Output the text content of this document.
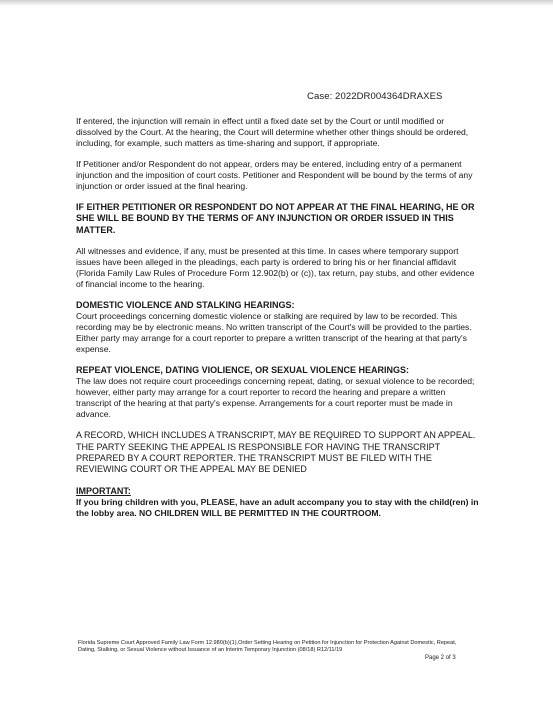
Case: 2022DR004364DRAXES

If entered, the injunction will remain in effect until a fixed date set by the Court or until modified or dissolved by the Court. At the hearing, the Court will determine whether other things should be ordered, including, for example, such matters as time-sharing and support, if appropriate.

If Petitioner and/or Respondent do not appear, orders may be entered, including entry of a permanent injunction and the imposition of court costs. Petitioner and Respondent will be bound by the terms of any injunction or order issued at the final hearing.

IF EITHER PETITIONER OR RESPONDENT DO NOT APPEAR AT THE FINAL HEARING, HE OR SHE WILL BE BOUND BY THE TERMS OF ANY INJUNCTION OR ORDER ISSUED IN THIS MATTER.

All witnesses and evidence, if any, must be presented at this time. In cases where temporary support issues have been alleged in the pleadings, each party is ordered to bring his or her financial affidavit (Florida Family Law Rules of Procedure Form 12.902(b) or (c)), tax return, pay stubs, and other evidence of financial income to the hearing.

DOMESTIC VIOLENCE AND STALKING HEARINGS:

Court proceedings concerning domestic violence or stalking are required by law to be recorded. This recording may be by electronic means. No written transcript of the Court's will be provided to the parties. Either party may arrange for a court reporter to prepare a written transcript of the hearing at that party's expense.

REPEAT VIOLENCE, DATING VIOLIENCE, OR SEXUAL VIOLENCE HEARINGS:

The law does not require court proceedings concerning repeat, dating, or sexual violence to be recorded; however, either party may arrange for a court reporter to record the hearing and prepare a written transcript of the hearing at that party's expense. Arrangements for a court reporter must be made in advance.

A RECORD, WHICH INCLUDES A TRANSCRIPT, MAY BE REQUIRED TO SUPPORT AN APPEAL. THE PARTY SEEKING THE APPEAL IS RESPONSIBLE FOR HAVING THE TRANSCRIPT PREPARED BY A COURT REPORTER. THE TRANSCRIPT MUST BE FILED WITH THE REVIEWING COURT OR THE APPEAL MAY BE DENIED

IMPORTANT:

If you bring children with you, PLEASE, have an adult accompany you to stay with the child(ren) in the lobby area. NO CHILDREN WILL BE PERMITTED IN THE COURTROOM.

Florida Supreme Court Approved Family Law Form 12.980(b)(1),Order Setting Hearing on Petition for Injunction for Protection Against Domestic, Repeat, Dating, Stalking, or Sexual Violence without Issuance of an Interim Temporary Injunction (08/18) R12/11/19
Page 2 of 3
